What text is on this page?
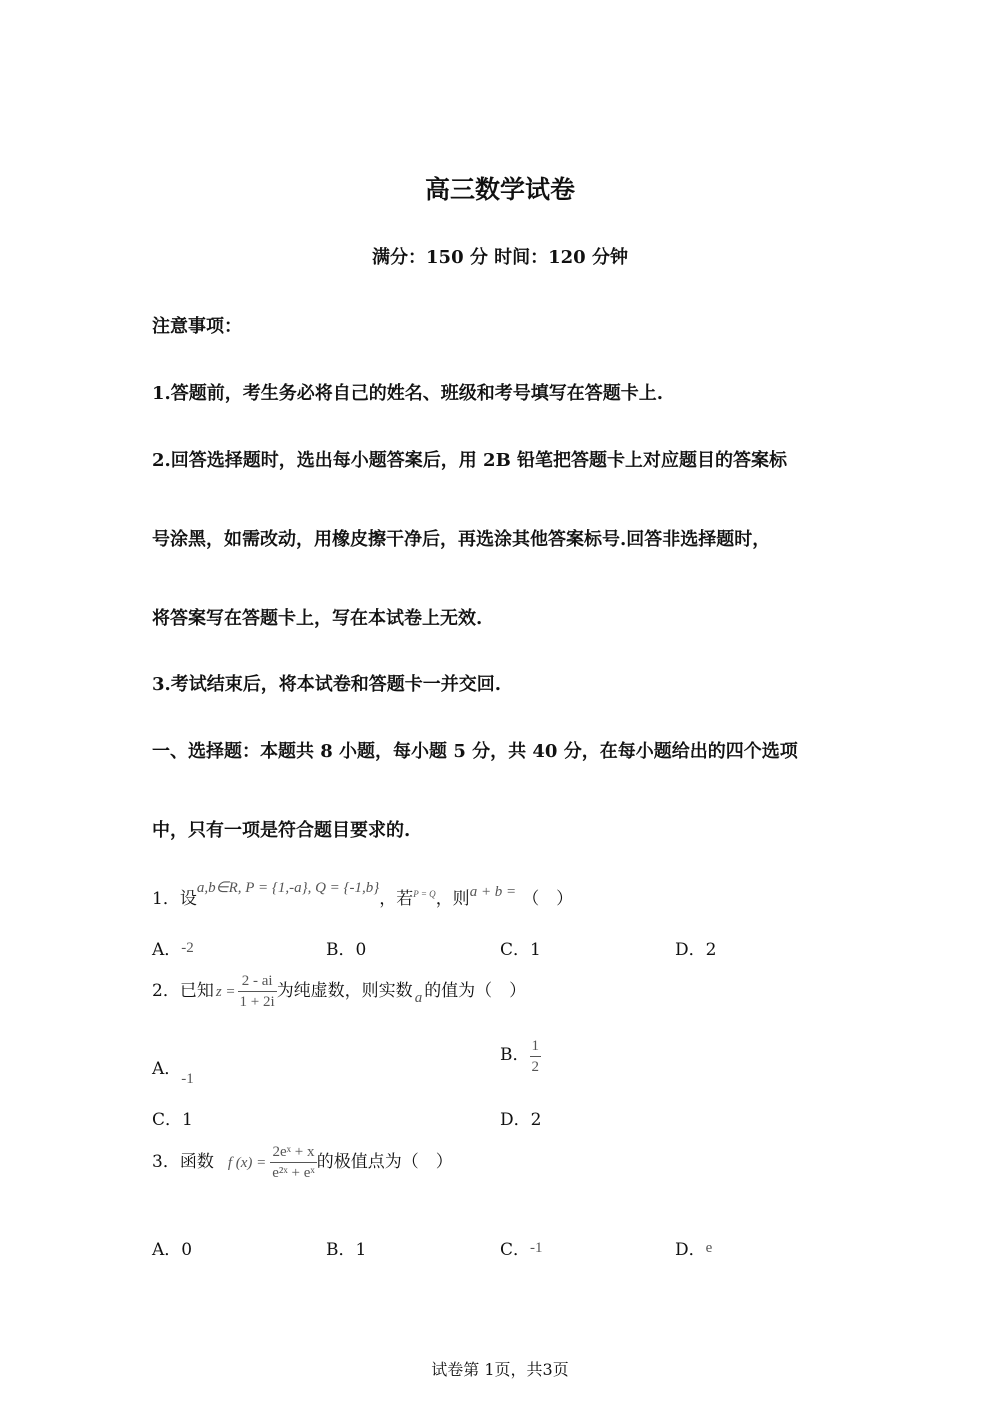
高三数学试卷
满分：150 分 时间：120 分钟
注意事项：
1.答题前，考生务必将自己的姓名、班级和考号填写在答题卡上.
2.回答选择题时，选出每小题答案后，用 2B 铅笔把答题卡上对应题目的答案标
号涂黑，如需改动，用橡皮擦干净后，再选涂其他答案标号.回答非选择题时，
将答案写在答题卡上，写在本试卷上无效.
3.考试结束后，将本试卷和答题卡一并交回.
一、选择题：本题共 8 小题，每小题 5 分，共 40 分，在每小题给出的四个选项
中，只有一项是符合题目要求的.
1．设a,b∈R, P = {1,-a}, Q = {-1,b}，若$^{P = Q}$，则a + b = （　）
A．-2	B．0	C．1	D．2
2．已知 $z = \frac{2 - ai}{1 + 2i}$ 为纯虚数，则实数 a 的值为（　）
A．-1
B． $\frac{1}{2}$
C．1	D．2
3．函数 f $(x) = \frac{\text{2eˣ + x}}{\text{e²ˣ + eˣ}}$ 的极值点为（　）
A．0	B．1	C．-1	D．e
试卷第 1页，共3页
